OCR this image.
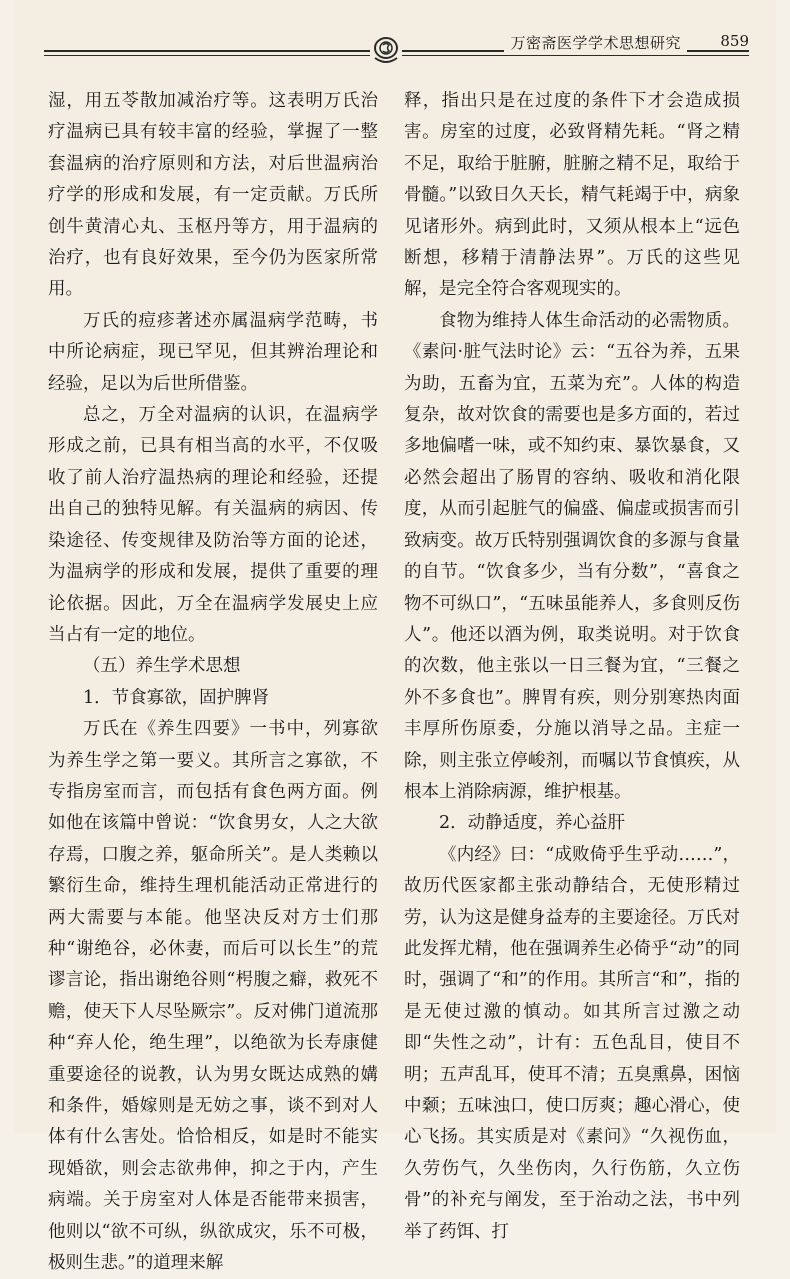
万密斋医学学术思想研究	859

湿，用五苓散加减治疗等。这表明万氏治疗温病已具有较丰富的经验，掌握了一整套温病的治疗原则和方法，对后世温病治疗学的形成和发展，有一定贡献。万氏所创牛黄清心丸、玉枢丹等方，用于温病的治疗，也有良好效果，至今仍为医家所常用。

万氏的痘疹著述亦属温病学范畴，书中所论病症，现已罕见，但其辨治理论和经验，足以为后世所借鉴。

总之，万全对温病的认识，在温病学形成之前，已具有相当高的水平，不仅吸收了前人治疗温热病的理论和经验，还提出自己的独特见解。有关温病的病因、传染途径、传变规律及防治等方面的论述，为温病学的形成和发展，提供了重要的理论依据。因此，万全在温病学发展史上应当占有一定的地位。

（五）养生学术思想

1．节食寡欲，固护脾肾

万氏在《养生四要》一书中，列寡欲为养生学之第一要义。其所言之寡欲，不专指房室而言，而包括有食色两方面。例如他在该篇中曾说：“饮食男女，人之大欲存焉，口腹之养，躯命所关”。是人类赖以繁衍生命，维持生理机能活动正常进行的两大需要与本能。他坚决反对方士们那种“谢绝谷，必休妻，而后可以长生”的荒谬言论，指出谢绝谷则“枵腹之癖，救死不赡，使天下人尽坠厥宗”。反对佛门道流那种“弃人伦，绝生理”，以绝欲为长寿康健重要途径的说教，认为男女既达成熟的媾和条件，婚嫁则是无妨之事，谈不到对人体有什么害处。恰恰相反，如是时不能实现婚欲，则会志欲弗伸，抑之于内，产生病端。关于房室对人体是否能带来损害，他则以“欲不可纵，纵欲成灾，乐不可极，极则生悲。”的道理来解

释，指出只是在过度的条件下才会造成损害。房室的过度，必致肾精先耗。“肾之精不足，取给于脏腑，脏腑之精不足，取给于骨髓。”以致日久天长，精气耗竭于中，病象见诸形外。病到此时，又须从根本上“远色断想，移精于清静法界”。万氏的这些见解，是完全符合客观现实的。

食物为维持人体生命活动的必需物质。《素问·脏气法时论》云：“五谷为养，五果为助，五畜为宜，五菜为充”。人体的构造复杂，故对饮食的需要也是多方面的，若过多地偏嗜一味，或不知约束、暴饮暴食，又必然会超出了肠胃的容纳、吸收和消化限度，从而引起脏气的偏盛、偏虚或损害而引致病变。故万氏特别强调饮食的多源与食量的自节。“饮食多少，当有分数”，“喜食之物不可纵口”，“五味虽能养人，多食则反伤人”。他还以酒为例，取类说明。对于饮食的次数，他主张以一日三餐为宜，“三餐之外不多食也”。脾胃有疾，则分别寒热肉面丰厚所伤原委，分施以消导之品。主症一除，则主张立停峻剂，而嘱以节食慎疾，从根本上消除病源，维护根基。

2．动静适度，养心益肝

《内经》曰：“成败倚乎生乎动……”，故历代医家都主张动静结合，无使形精过劳，认为这是健身益寿的主要途径。万氏对此发挥尤精，他在强调养生必倚乎“动”的同时，强调了“和”的作用。其所言“和”，指的是无使过激的慎动。如其所言过激之动即“失性之动”，计有：五色乱目，使目不明；五声乱耳，使耳不清；五臭熏鼻，困恼中颡；五味浊口，使口厉爽；趣心滑心，使心飞扬。其实质是对《素问》“久视伤血，久劳伤气，久坐伤肉，久行伤筋，久立伤骨”的补充与阐发，至于治动之法，书中列举了药饵、打
